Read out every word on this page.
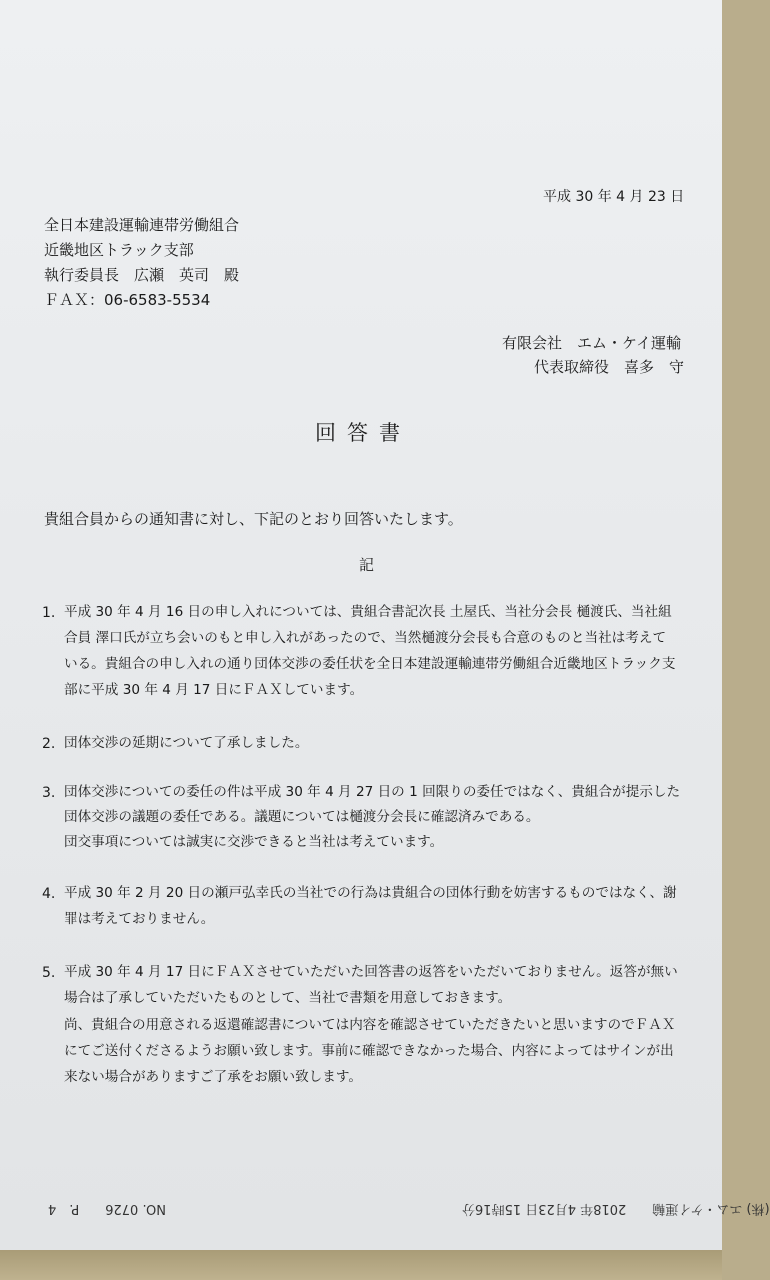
平成 30 年 4 月 23 日
全日本建設運輸連帯労働組合
近畿地区トラック支部
執行委員長　広瀬　英司　殿
ＦＡＸ：06-6583-5534
有限会社　エム・ケイ運輸
代表取締役　喜多　守
回答書
貴組合員からの通知書に対し、下記のとおり回答いたします。
記
1. 平成 30 年 4 月 16 日の申し入れについては、貴組合書記次長 土屋氏、当社分会長 樋渡氏、当社組
合員 澤口氏が立ち会いのもと申し入れがあったので、当然樋渡分会長も合意のものと当社は考えて
いる。貴組合の申し入れの通り団体交渉の委任状を全日本建設運輸連帯労働組合近畿地区トラック支
部に平成 30 年 4 月 17 日にＦＡＸしています。
2. 団体交渉の延期について了承しました。
3. 団体交渉についての委任の件は平成 30 年 4 月 27 日の 1 回限りの委任ではなく、貴組合が提示した
団体交渉の議題の委任である。議題については樋渡分会長に確認済みである。
団交事項については誠実に交渉できると当社は考えています。
4. 平成 30 年 2 月 20 日の瀬戸弘幸氏の当社での行為は貴組合の団体行動を妨害するものではなく、謝
罪は考えておりません。
5. 平成 30 年 4 月 17 日にＦＡＸさせていただいた回答書の返答をいただいておりません。返答が無い
場合は了承していただいたものとして、当社で書類を用意しておきます。
尚、貴組合の用意される返還確認書については内容を確認させていただきたいと思いますのでＦＡＸ
にてご送付くださるようお願い致します。事前に確認できなかった場合、内容によってはサインが出
来ない場合がありますご了承をお願い致します。
NO. 0726　　P.　4	(株) エム・ケイ運輸　　2018年 4月23日 15時16分
